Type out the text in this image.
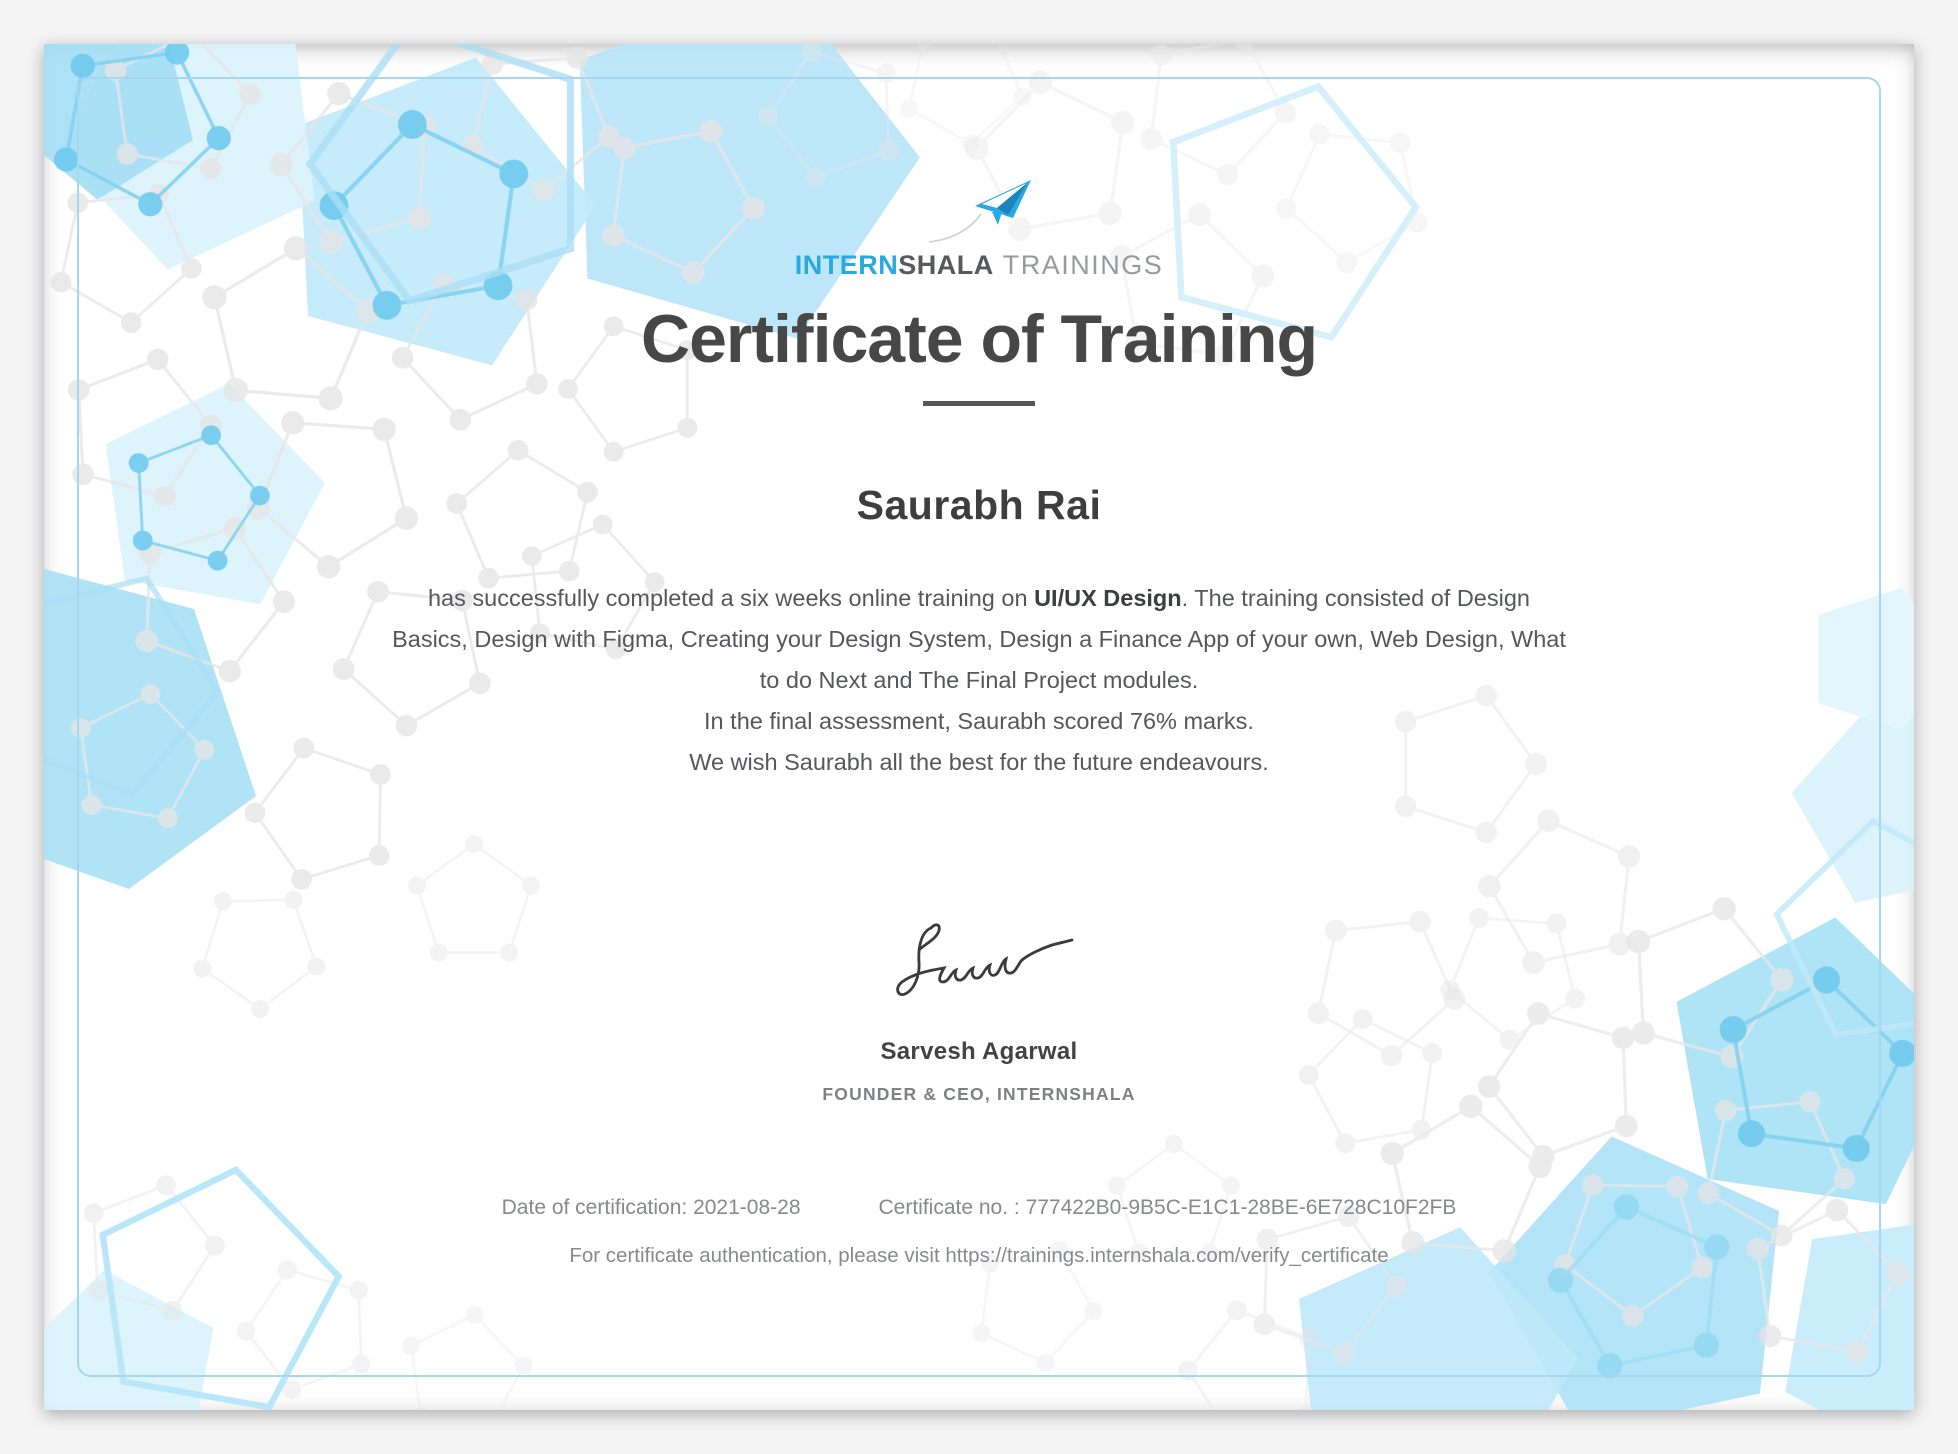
INTERNSHALA TRAININGS
Certificate of Training
Saurabh Rai
has successfully completed a six weeks online training on UI/UX Design. The training consisted of Design
Basics, Design with Figma, Creating your Design System, Design a Finance App of your own, Web Design, What
to do Next and The Final Project modules.
In the final assessment, Saurabh scored 76% marks.
We wish Saurabh all the best for the future endeavours.
Sarvesh Agarwal
FOUNDER & CEO, INTERNSHALA
Date of certification: 2021-08-28	Certificate no. : 777422B0-9B5C-E1C1-28BE-6E728C10F2FB
For certificate authentication, please visit https://trainings.internshala.com/verify_certificate
